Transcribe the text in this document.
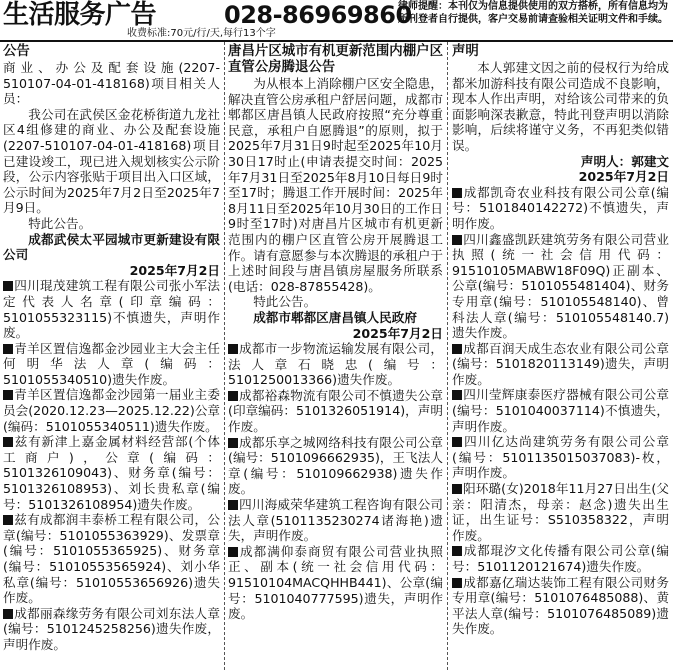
生活服务广告	028-86969860
收费标准:70元/行/天,每行13个字
律师提醒：本刊仅为信息提供使用的双方搭桥，所有信息均为所刊登者自行提供，客户交易前请查验相关证明文件和手续。

公告

商业、办公及配套设施(2207-510107-04-01-418168)项目相关人员：

我公司在武侯区金花桥街道九龙社区4组修建的商业、办公及配套设施(2207-510107-04-01-418168)项目已建设竣工，现已进入规划核实公示阶段，公示内容张贴于项目出入口区域，公示时间为2025年7月2日至2025年7月9日。

特此公告。

成都武侯太平园城市更新建设有限公司

2025年7月2日

四川琨茂建筑工程有限公司张小军法定代表人名章(印章编码：5101055323115)不慎遗失，声明作废。

青羊区置信逸都金沙园业主大会主任何明华法人章(编码：5101055340510)遗失作废。

青羊区置信逸都金沙园第一届业主委员会(2020.12.23—2025.12.22)公章(编码：5101055340511)遗失作废。

兹有新津上嘉金属材料经营部(个体工商户)，公章(编码：5101326109043)、财务章(编号：5101326108953)、刘长贵私章(编号：5101326108954)遗失作废。

兹有成都润丰泰桥工程有限公司，公章(编号：5101055363929)、发票章(编号：5101055365925)、财务章(编号：51010553565924)、刘小华私章(编号：51010553656926)遗失作废。

成都丽森缘劳务有限公司刘东法人章(编号：5101245258256)遗失作废，声明作废。

唐昌片区城市有机更新范围内棚户区直管公房腾退公告

为从根本上消除棚户区安全隐患，解决直管公房承租户舒居问题，成都市郫都区唐昌镇人民政府按照“充分尊重民意，承租户自愿腾退”的原则，拟于2025年7月31日9时起至2025年10月30日17时止(申请表提交时间：2025年7月31日至2025年8月10日每日9时至17时；腾退工作开展时间：2025年8月11日至2025年10月30日的工作日9时至17时)对唐昌片区城市有机更新范围内的棚户区直管公房开展腾退工作。请有意愿参与本次腾退的承租户于上述时间段与唐昌镇房屋服务所联系(电话：028-87855428)。

特此公告。

成都市郫都区唐昌镇人民政府

2025年7月2日

成都市一步物流运输发展有限公司，法人章石晓忠(编号：5101250013366)遗失作废。

成都裕森物流有限公司不慎遗失公章(印章编码：5101326051914)，声明作废。

成都乐享之城网络科技有限公司公章(编号：5101096662935)，王飞法人章(编号：510109662938)遗失作废。

四川海威荣华建筑工程咨询有限公司法人章(5101135230274诸海艳)遗失，声明作废。

成都满仰泰商贸有限公司营业执照正、副本(统一社会信用代码：91510104MACQHHB441)、公章(编号：5101040777595)遗失，声明作废。

声明

本人郭建文因之前的侵权行为给成都米加游科技有限公司造成不良影响，现本人作出声明，对给该公司带来的负面影响深表歉意，特此刊登声明以消除影响，后续将谨守义务，不再犯类似错误。

声明人：郭建文

2025年7月2日

成都凯奇农业科技有限公司公章(编号：5101840142272)不慎遗失，声明作废。

四川鑫盛凯跃建筑劳务有限公司营业执照(统一社会信用代码：91510105MABW18F09Q)正副本、公章(编号：5101055481404)、财务专用章(编号：510105548140)、曾科法人章(编号：510105548140.7)遗失作废。

成都百润天成生态农业有限公司公章(编号：5101820113149)遗失，声明作废。

四川莹辉康泰医疗器械有限公司公章(编号：5101040037114)不慎遗失，声明作废。

四川亿达尚建筑劳务有限公司公章(编号：5101135015037083)-枚，声明作废。

阳环璐(女)2018年11月27日出生(父亲：阳清杰，母亲：赵念)遗失出生证，出生证号：S510358322，声明作废。

成都琨汐文化传播有限公司公章(编号：5101120121674)遗失作废。

成都嘉亿瑞达装饰工程有限公司财务专用章(编号：5101076485088)、黄平法人章(编号：5101076485089)遗失作废。
